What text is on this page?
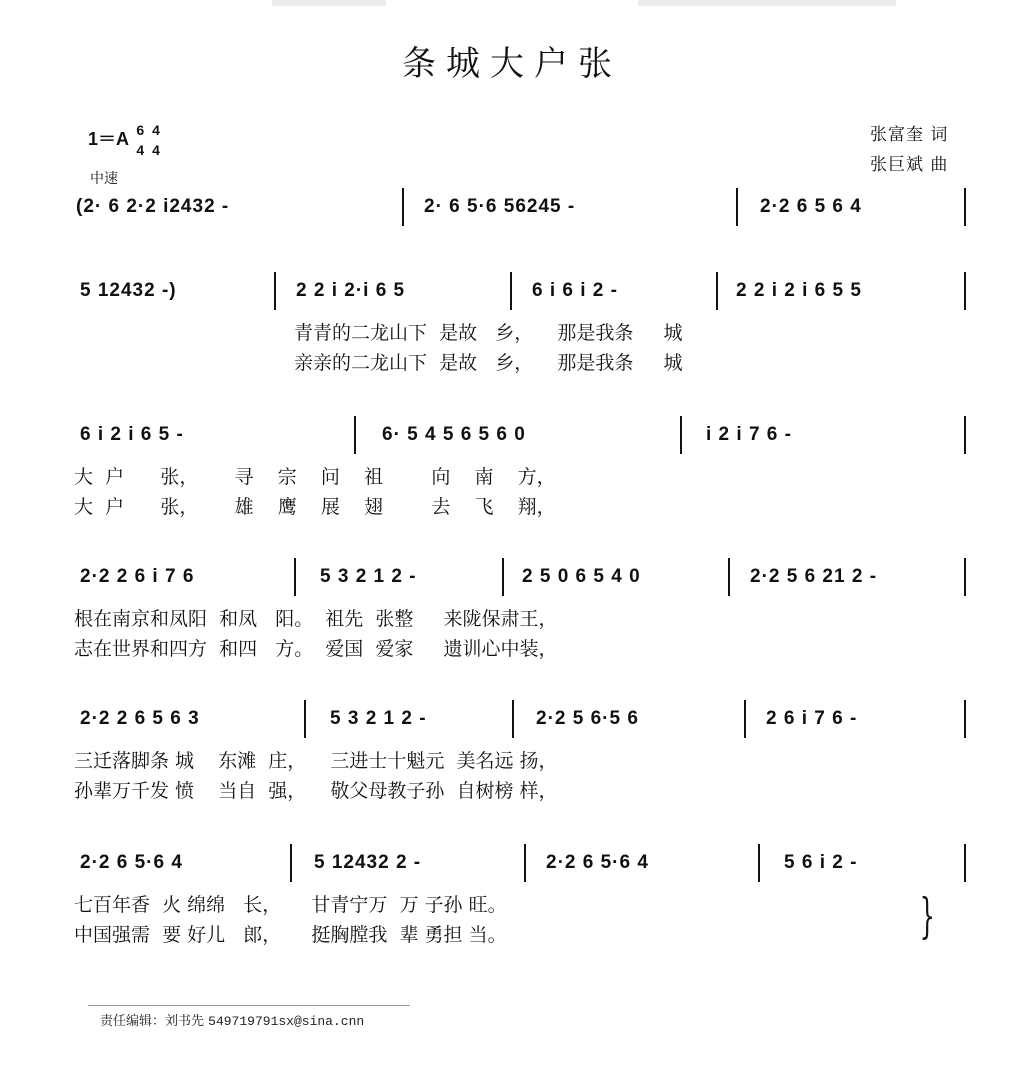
条城大户张
1＝A 6
4 4
4
中速
张富奎 词
张巨斌 曲
(2· 6 2·2 i2432 -	2· 6 5·6 56245 -	2·2 6 5 6 4
5 12432 -)	2 2 i 2·i 6 5	6 i 6 i 2 -	2 2 i 2 i 6 5 5
青青的二龙山下  是故   乡，    那是我条     城
亲亲的二龙山下  是故   乡，    那是我条     城
6 i 2 i 6 5 -	6· 5 4 5 6 5 6 0	i 2 i 7 6 -
大  户      张，      寻    宗    问    祖        向    南    方，
大  户      张，      雄    鹰    展    翅        去    飞    翔，
2·2 2 6 i 7 6	5 3 2 1 2 -	2 5 0 6 5 4 0	2·2 5 6 21 2 -
根在南京和凤阳  和凤   阳。  祖先  张整     来陇保肃王，
志在世界和四方  和四   方。  爱国  爱家     遗训心中装，
2·2 2 6 5 6 3	5 3 2 1 2 -	2·2 5 6·5 6	2 6 i 7 6 -
三迁落脚条 城    东滩  庄，    三进士十魁元  美名远 扬，
孙辈万千发 愤    当自  强，    敬父母教子孙  自树榜 样，
2·2 6 5·6 4	5 12432 2 -	2·2 6 5·6 4	5 6 i 2 -
七百年香  火 绵绵   长，     甘青宁万  万 子孙 旺。
中国强需  要 好儿   郎，     挺胸膛我  辈 勇担 当。	}
责任编辑：刘书先 549719791sx@sina.cnn
